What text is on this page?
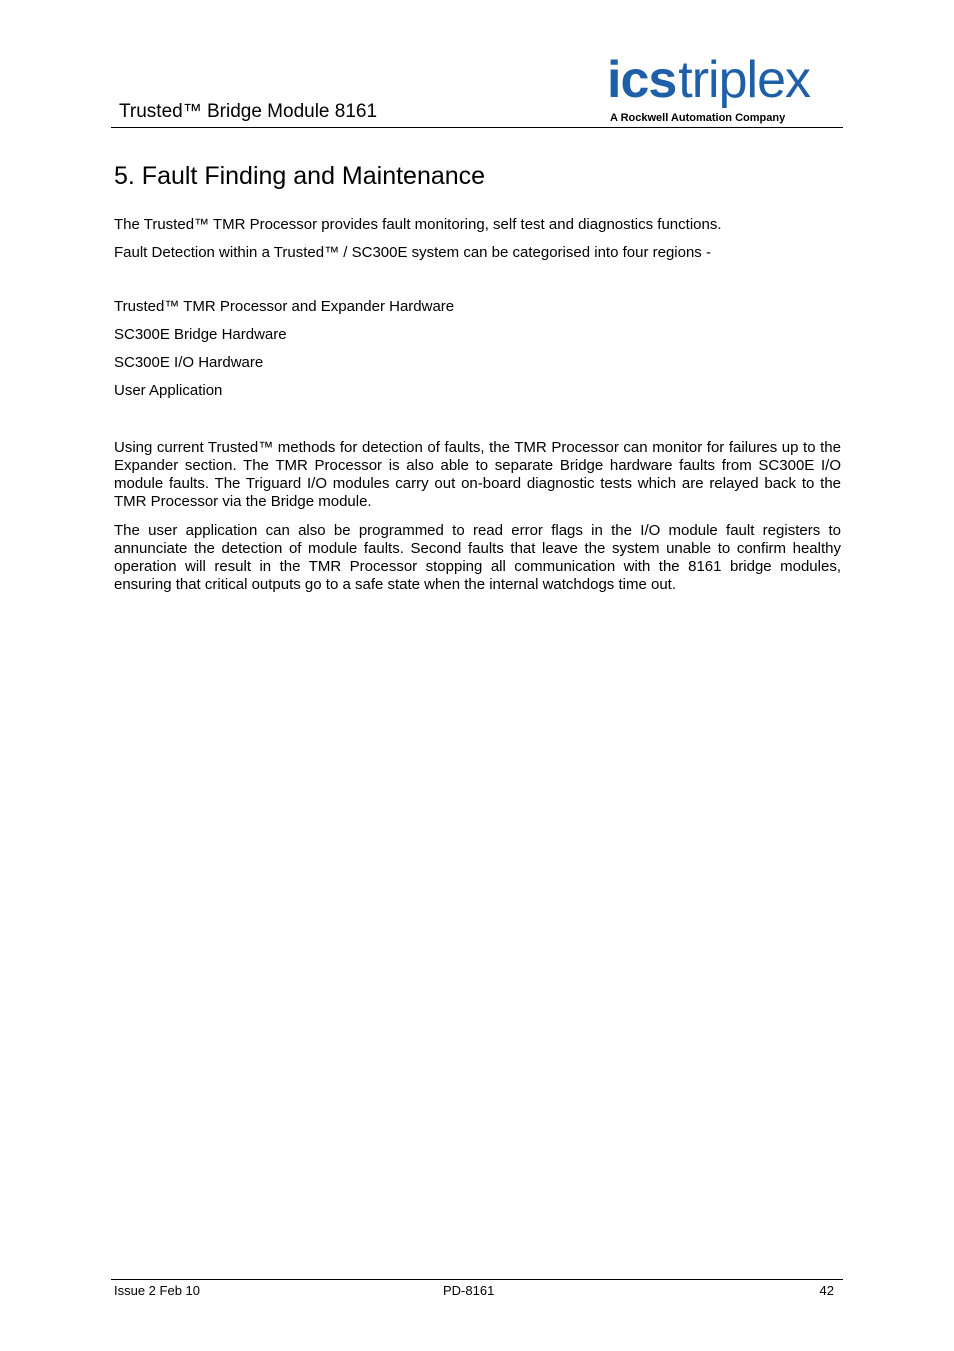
Trusted™ Bridge Module 8161
icstriplex
A Rockwell Automation Company
5. Fault Finding and Maintenance

The Trusted™ TMR Processor provides fault monitoring, self test and diagnostics functions.

Fault Detection within a Trusted™ / SC300E system can be categorised into four regions -

Trusted™ TMR Processor and Expander Hardware
SC300E Bridge Hardware
SC300E I/O Hardware
User Application

Using current Trusted™ methods for detection of faults, the TMR Processor can monitor for failures up to the Expander section. The TMR Processor is also able to separate Bridge hardware faults from SC300E I/O module faults. The Triguard I/O modules carry out on-board diagnostic tests which are relayed back to the TMR Processor via the Bridge module.

The user application can also be programmed to read error flags in the I/O module fault registers to annunciate the detection of module faults. Second faults that leave the system unable to confirm healthy operation will result in the TMR Processor stopping all communication with the 8161 bridge modules, ensuring that critical outputs go to a safe state when the internal watchdogs time out.

Issue 2 Feb 10	PD-8161	42
